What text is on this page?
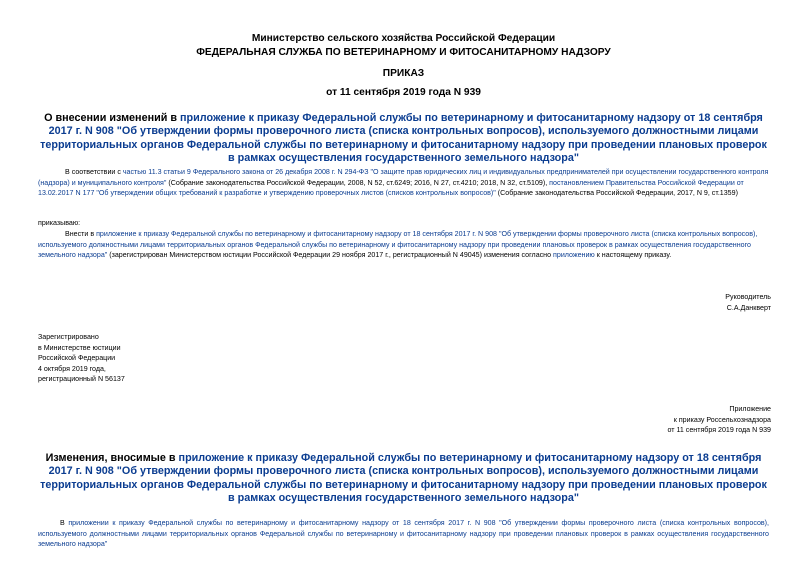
Министерство сельского хозяйства Российской Федерации
ФЕДЕРАЛЬНАЯ СЛУЖБА ПО ВЕТЕРИНАРНОМУ И ФИТОСАНИТАРНОМУ НАДЗОРУ
ПРИКАЗ
от 11 сентября 2019 года N 939
О внесении изменений в приложение к приказу Федеральной службы по ветеринарному и фитосанитарному надзору от 18 сентября 2017 г. N 908 "Об утверждении формы проверочного листа (списка контрольных вопросов), используемого должностными лицами территориальных органов Федеральной службы по ветеринарному и фитосанитарному надзору при проведении плановых проверок в рамках осуществления государственного земельного надзора"
В соответствии с частью 11.3 статьи 9 Федерального закона от 26 декабря 2008 г. N 294-ФЗ "О защите прав юридических лиц и индивидуальных предпринимателей при осуществлении государственного контроля (надзора) и муниципального контроля" (Собрание законодательства Российской Федерации, 2008, N 52, ст.6249; 2016, N 27, ст.4210; 2018, N 32, ст.5109), постановлением Правительства Российской Федерации от 13.02.2017 N 177 "Об утверждении общих требований к разработке и утверждению проверочных листов (списков контрольных вопросов)" (Собрание законодательства Российской Федерации, 2017, N 9, ст.1359)
приказываю:
Внести в приложение к приказу Федеральной службы по ветеринарному и фитосанитарному надзору от 18 сентября 2017 г. N 908 "Об утверждении формы проверочного листа (списка контрольных вопросов), используемого должностными лицами территориальных органов Федеральной службы по ветеринарному и фитосанитарному надзору при проведении плановых проверок в рамках осуществления государственного земельного надзора" (зарегистрирован Министерством юстиции Российской Федерации 29 ноября 2017 г., регистрационный N 49045) изменения согласно приложению к настоящему приказу.
Руководитель
С.А.Данкверт
Зарегистрировано
в Министерстве юстиции
Российской Федерации
4 октября 2019 года,
регистрационный N 56137
Приложение
к приказу Россельхознадзора
от 11 сентября 2019 года N 939
Изменения, вносимые в приложение к приказу Федеральной службы по ветеринарному и фитосанитарному надзору от 18 сентября 2017 г. N 908 "Об утверждении формы проверочного листа (списка контрольных вопросов), используемого должностными лицами территориальных органов Федеральной службы по ветеринарному и фитосанитарному надзору при проведении плановых проверок в рамках осуществления государственного земельного надзора"
В приложении к приказу Федеральной службы по ветеринарному и фитосанитарному надзору от 18 сентября 2017 г. N 908 "Об утверждении формы проверочного листа (списка контрольных вопросов), используемого должностными лицами территориальных органов Федеральной службы по ветеринарному и фитосанитарному надзору при проведении плановых проверок в рамках осуществления государственного земельного надзора"
